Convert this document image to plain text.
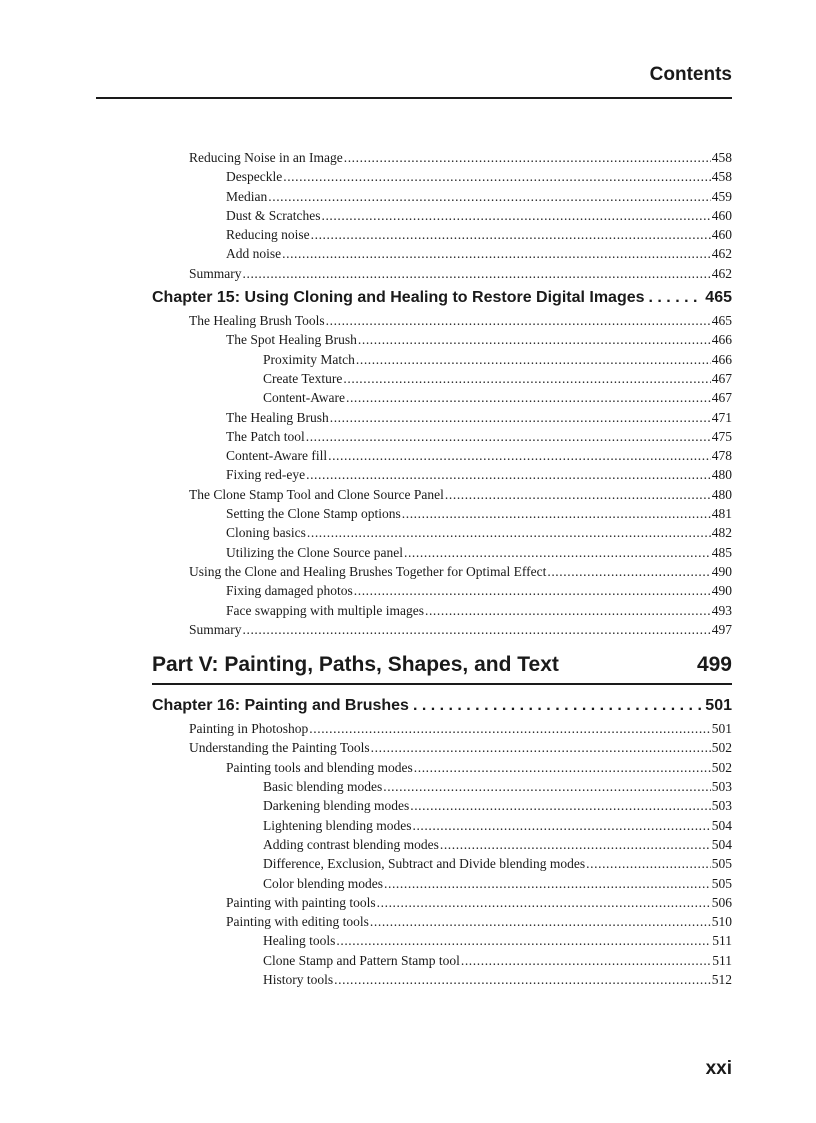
Contents
Reducing Noise in an Image .....	458
Despeckle .....	458
Median .....	459
Dust & Scratches .....	460
Reducing noise .....	460
Add noise .....	462
Summary .....	462
Chapter 15: Using Cloning and Healing to Restore Digital Images . . .	465
The Healing Brush Tools .....	465
The Spot Healing Brush .....	466
Proximity Match .....	466
Create Texture .....	467
Content-Aware .....	467
The Healing Brush .....	471
The Patch tool .....	475
Content-Aware fill .....	478
Fixing red-eye .....	480
The Clone Stamp Tool and Clone Source Panel .....	480
Setting the Clone Stamp options .....	481
Cloning basics .....	482
Utilizing the Clone Source panel .....	485
Using the Clone and Healing Brushes Together for Optimal Effect .....	490
Fixing damaged photos .....	490
Face swapping with multiple images .....	493
Summary .....	497
Part V: Painting, Paths, Shapes, and Text	499
Chapter 16: Painting and Brushes . . .	501
Painting in Photoshop .....	501
Understanding the Painting Tools .....	502
Painting tools and blending modes .....	502
Basic blending modes .....	503
Darkening blending modes .....	503
Lightening blending modes .....	504
Adding contrast blending modes .....	504
Difference, Exclusion, Subtract and Divide blending modes .....	505
Color blending modes .....	505
Painting with painting tools .....	506
Painting with editing tools .....	510
Healing tools .....	511
Clone Stamp and Pattern Stamp tool .....	511
History tools .....	512
xxi
